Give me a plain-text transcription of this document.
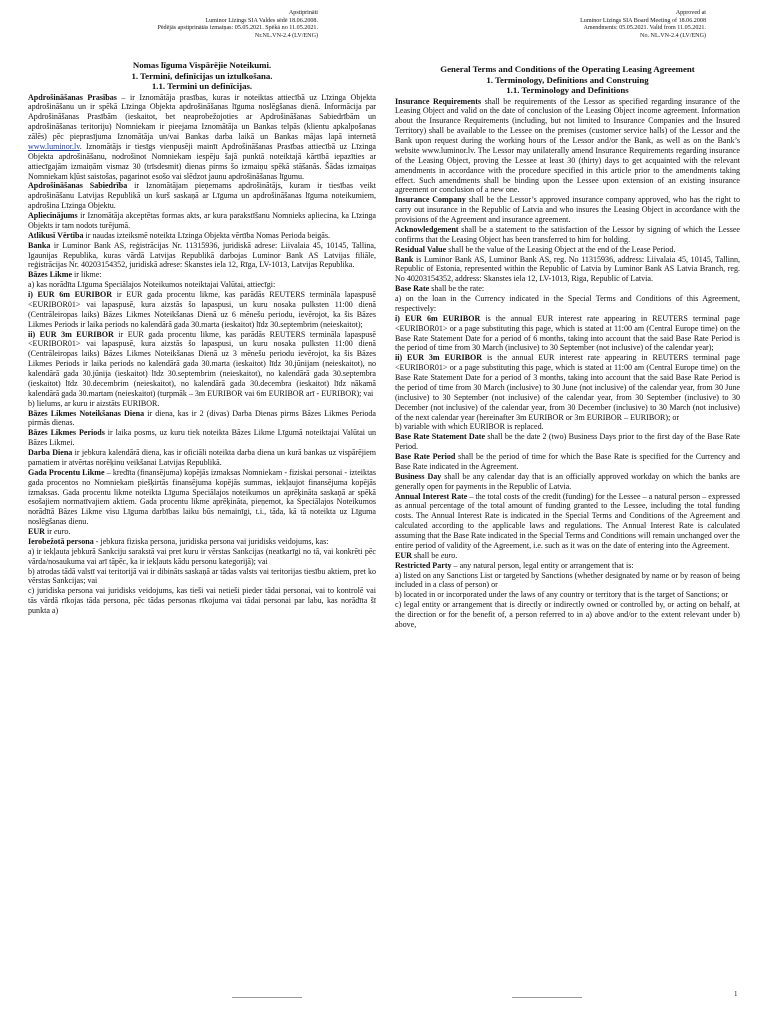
Apstiprināti
Luminor Līzings SIA Valdes sēdē 18.06.2008.
Pēdējās apstiprinātās izmaiņas: 05.05.2021. Spēkā no 11.05.2021.
Nr.NL.VN-2.4 (LV/ENG)
Nomas līguma Vispārējie Noteikumi.
1. Termini, definīcijas un iztulkošana.
1.1. Termini un definīcijas.

Apdrošināšanas Prasības – ir Iznomātāja prasības, kuras ir noteiktas attiecībā uz Līzinga Objekta apdrošināšanu un ir spēkā Līzinga Objekta apdrošināšanas līguma noslēgšanas dienā. Informācija par Apdrošināšanas Prasībām (ieskaitot, bet neaprobežojoties ar Apdrošināšanas Sabiedrībām un apdrošināšanas teritoriju) Nomniekam ir pieejama Iznomātāja un Bankas telpās (klientu apkalpošanas zālēs) pēc pieprasījuma Iznomātāja un/vai Bankas darba laikā un Bankas mājas lapā internetā www.luminor.lv. Iznomātājs ir tiesīgs vienpusēji mainīt Apdrošināšanas Prasības attiecībā uz Līzinga Objekta apdrošināšanu, nodrošinot Nomniekam iespēju šajā punktā noteiktajā kārtībā iepazīties ar attiecīgajām izmaiņām vismaz 30 (trīsdesmit) dienas pirms šo izmaiņu spēkā stāšanās. Šādas izmaiņas Nomniekam kļūst saistošas, pagarinot esošo vai slēdzot jaunu apdrošināšanas līgumu.

Apdrošināšanas Sabiedrība ir Iznomātājam pieņemams apdrošinātājs, kuram ir tiesības veikt apdrošināšanu Latvijas Republikā un kurš saskaņā ar Līguma un apdrošināšanas līguma noteikumiem, apdrošina Līzinga Objektu.

Apliecinājums ir Iznomātāja akceptētas formas akts, ar kura parakstīšanu Nomnieks apliecina, ka Līzinga Objekts ir tam nodots turējumā.

Atlikusī Vērtība ir naudas izteiksmē noteikta Līzinga Objekta vērtība Nomas Perioda beigās.

Banka ir Luminor Bank AS, reģistrācijas Nr. 11315936, juridiskā adrese: Liivalaia 45, 10145, Tallina, Igaunijas Republika, kuras vārdā Latvijas Republikā darbojas Luminor Bank AS Latvijas filiāle, reģistrācijas Nr. 40203154352, juridiskā adrese: Skanstes iela 12, Rīga, LV-1013, Latvijas Republika.

Bāzes Likme ir likme:

a) kas norādīta Līguma Speciālajos Noteikumos noteiktajai Valūtai, attiecīgi:

i) EUR 6m EURIBOR ir EUR gada procentu likme, kas parādās REUTERS termināla lapaspusē <EURIBOR01> vai lapaspusē, kura aizstās šo lapaspusi, un kuru nosaka pulksten 11:00 dienā (Centrāleiropas laiks) Bāzes Likmes Noteikšanas Dienā uz 6 mēnešu periodu, ievērojot, ka šis Bāzes Likmes Periods ir laika periods no kalendārā gada 30.marta (ieskaitot) līdz 30.septembrim (neieskaitot);

ii) EUR 3m EURIBOR ir EUR gada procentu likme, kas parādās REUTERS termināla lapaspusē <EURIBOR01> vai lapaspusē, kura aizstās šo lapaspusi, un kuru nosaka pulksten 11:00 dienā (Centrāleiropas laiks) Bāzes Likmes Noteikšanas Dienā uz 3 mēnešu periodu ievērojot, ka šis Bāzes Likmes Periods ir laika periods no kalendārā gada 30.marta (ieskaitot) līdz 30.jūnijam (neieskaitot), no kalendārā gada 30.jūnija (ieskaitot) līdz 30.septembrim (neieskaitot), no kalendārā gada 30.septembra (ieskaitot) līdz 30.decembrim (neieskaitot), no kalendārā gada 30.decembra (ieskaitot) līdz nākamā kalendārā gada 30.martam (neieskaitot) (turpmāk – 3m EURIBOR vai 6m EURIBOR arī - EURIBOR); vai

b) lielums, ar kuru ir aizstāts EURIBOR.

Bāzes Likmes Noteikšanas Diena ir diena, kas ir 2 (divas) Darba Dienas pirms Bāzes Likmes Perioda pirmās dienas.

Bāzes Likmes Periods ir laika posms, uz kuru tiek noteikta Bāzes Likme Līgumā noteiktajai Valūtai un Bāzes Likmei.

Darba Diena ir jebkura kalendārā diena, kas ir oficiāli noteikta darba diena un kurā bankas uz vispārējiem pamatiem ir atvērtas norēķinu veikšanai Latvijas Republikā.

Gada Procentu Likme – kredīta (finansējuma) kopējās izmaksas Nomniekam - fiziskai personai - izteiktas gada procentos no Nomniekam piešķirtās finansējuma kopējās summas, iekļaujot finansējuma kopējās izmaksas. Gada procentu likme noteikta Līguma Speciālajos noteikumos un aprēķināta saskaņā ar spēkā esošajiem normatīvajiem aktiem. Gada procentu likme aprēķināta, pieņemot, ka Speciālajos Noteikumos norādītā Bāzes Likme visu Līguma darbības laiku būs nemainīgi, t.i., tāda, kā tā noteikta uz Līguma noslēgšanas dienu.

EUR ir euro.

Ierobežotā persona - jebkura fiziska persona, juridiska persona vai juridisks veidojums, kas:

a) ir iekļauta jebkurā Sankciju sarakstā vai pret kuru ir vērstas Sankcijas (neatkarīgi no tā, vai konkrēti pēc vārda/nosaukuma vai arī tāpēc, ka ir iekļauts kādu personu kategorijā); vai

b) atrodas tādā valstī vai teritorijā vai ir dibināts saskaņā ar tādas valsts vai teritorijas tiesību aktiem, pret ko vērstas Sankcijas; vai

c) juridiska persona vai juridisks veidojums, kas tieši vai netieši pieder tādai personai, vai to kontrolē vai tās vārdā rīkojas tāda persona, pēc tādas personas rīkojuma vai tādai personai par labu, kas norādīta šī punkta a)

Approved at
Luminor Līzings SIA Board Meeting of 18.06.2008
Amendments: 05.05.2021. Valid from 11.05.2021.
No. NL.VN-2.4 (LV/ENG)
General Terms and Conditions of the Operating Leasing Agreement
1. Terminology, Definitions and Construing
1.1. Terminology and Definitions

Insurance Requirements shall be requirements of the Lessor as specified regarding insurance of the Leasing Object and valid on the date of conclusion of the Leasing Object income agreement. Information about the Insurance Requirements (including, but not limited to Insurance Companies and the Insured Territory) shall be available to the Lessee on the premises (customer service halls) of the Lessor and the Bank upon request during the working hours of the Lessor and/or the Bank, as well as on the Bank’s website www.luminor.lv. The Lessor may unilaterally amend Insurance Requirements regarding insurance of the Leasing Object, proving the Lessee at least 30 (thirty) days to get acquainted with the relevant amendments in accordance with the procedure specified in this article prior to the amendments taking effect. Such amendments shall be binding upon the Lessee upon extension of an existing insurance agreement or conclusion of a new one.

Insurance Company shall be the Lessor’s approved insurance company approved, who has the right to carry out insurance in the Republic of Latvia and who insures the Leasing Object in accordance with the provisions of the Agreement and insurance agreement.

Acknowledgement shall be a statement to the satisfaction of the Lessor by signing of which the Lessee confirms that the Leasing Object has been transferred to him for holding.

Residual Value shall be the value of the Leasing Object at the end of the Lease Period.

Bank is Luminor Bank AS, Luminor Bank AS, reg. No 11315936, address: Liivalaia 45, 10145, Tallinn, Republic of Estonia, represented within the Republic of Latvia by Luminor Bank AS Latvia Branch, reg. No 40203154352, address: Skanstes iela 12, LV-1013, Riga, Republic of Latvia.

Base Rate shall be the rate:

a) on the loan in the Currency indicated in the Special Terms and Conditions of this Agreement, respectively:

i) EUR 6m EURIBOR is the annual EUR interest rate appearing in REUTERS terminal page <EURIBOR01> or a page substituting this page, which is stated at 11:00 am (Central Europe time) on the Base Rate Statement Date for a period of 6 months, taking into account that the said Base Rate Period is the period of time from 30 March (inclusive) to 30 September (not inclusive) of the calendar year);

ii) EUR 3m EURIBOR is the annual EUR interest rate appearing in REUTERS terminal page <EURIBOR01> or a page substituting this page, which is stated at 11:00 am (Central Europe time) on the Base Rate Statement Date for a period of 3 months, taking into account that the said Base Rate Period is the period of time from 30 March (inclusive) to 30 June (not inclusive) of the calendar year, from 30 June (inclusive) to 30 September (not inclusive) of the calendar year, from 30 September (inclusive) to 30 December (not inclusive) of the calendar year, from 30 December (inclusive) to 30 March (not inclusive) of the next calendar year (hereinafter 3m EURIBOR or 3m EURIBOR – EURIBOR); or

b) variable with which EURIBOR is replaced.

Base Rate Statement Date shall be the date 2 (two) Business Days prior to the first day of the Base Rate Period.

Base Rate Period shall be the period of time for which the Base Rate is specified for the Currency and Base Rate indicated in the Agreement.

Business Day shall be any calendar day that is an officially approved workday on which the banks are generally open for payments in the Republic of Latvia.

Annual Interest Rate – the total costs of the credit (funding) for the Lessee – a natural person – expressed as annual percentage of the total amount of funding granted to the Lessee, including the total funding costs. The Annual Interest Rate is indicated in the Special Terms and Conditions of the Agreement and calculated according to the applicable laws and regulations. The Annual Interest Rate is calculated assuming that the Base Rate indicated in the Special Terms and Conditions will remain unchanged over the entire period of validity of the Agreement, i.e. such as it was on the date of entering into the Agreement.

EUR shall be euro.

Restricted Party – any natural person, legal entity or arrangement that is:

a) listed on any Sanctions List or targeted by Sanctions (whether designated by name or by reason of being included in a class of person) or

b) located in or incorporated under the laws of any country or territory that is the target of Sanctions; or

c) legal entity or arrangement that is directly or indirectly owned or controlled by, or acting on behalf, at the direction or for the benefit of, a person referred to in a) above and/or to the extent relevant under b) above,

1
